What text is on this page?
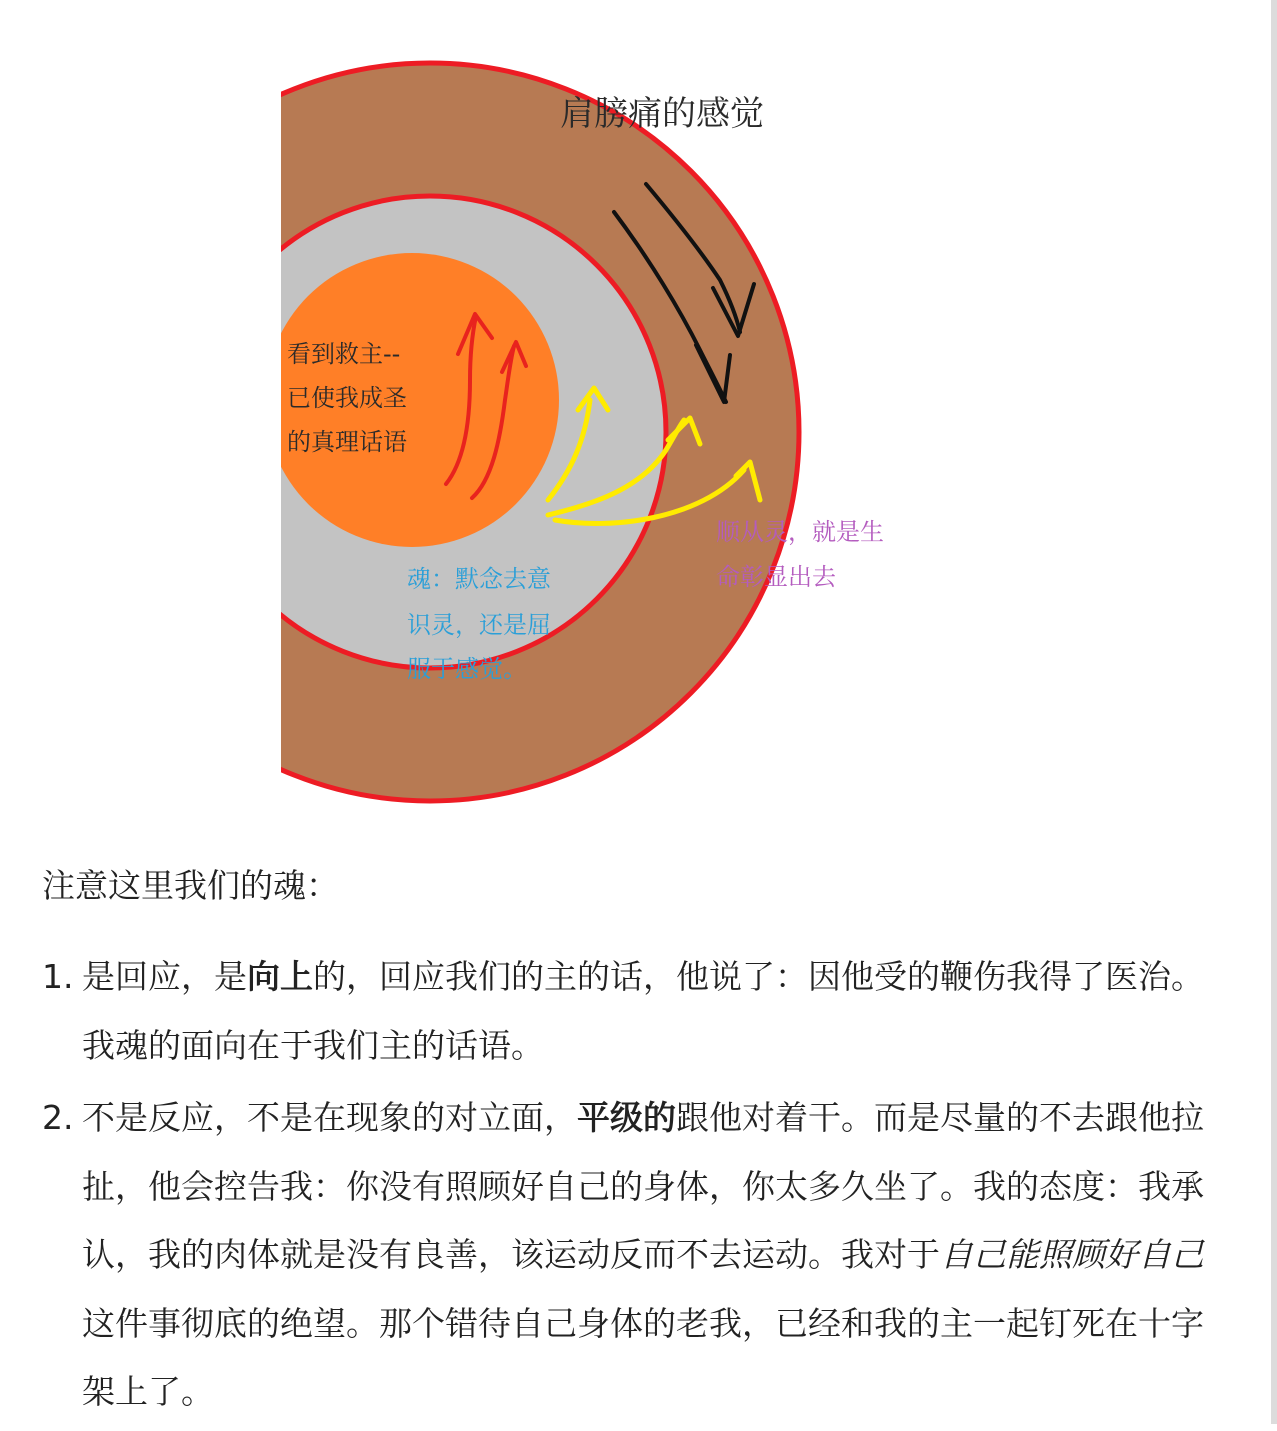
肩膀痛的感觉
看到救主--
已使我成圣
的真理话语
魂：默念去意
识灵，还是屈
服于感觉。
顺从灵，就是生
命彰显出去
注意这里我们的魂：
1. 是回应，是向上的，回应我们的主的话，他说了：因他受的鞭伤我得了医治。我魂的面向在于我们主的话语。
2. 不是反应，不是在现象的对立面，平级的跟他对着干。而是尽量的不去跟他拉扯，他会控告我：你没有照顾好自己的身体，你太多久坐了。我的态度：我承认，我的肉体就是没有良善，该运动反而不去运动。我对于自己能照顾好自己这件事彻底的绝望。那个错待自己身体的老我，已经和我的主一起钉死在十字架上了。
